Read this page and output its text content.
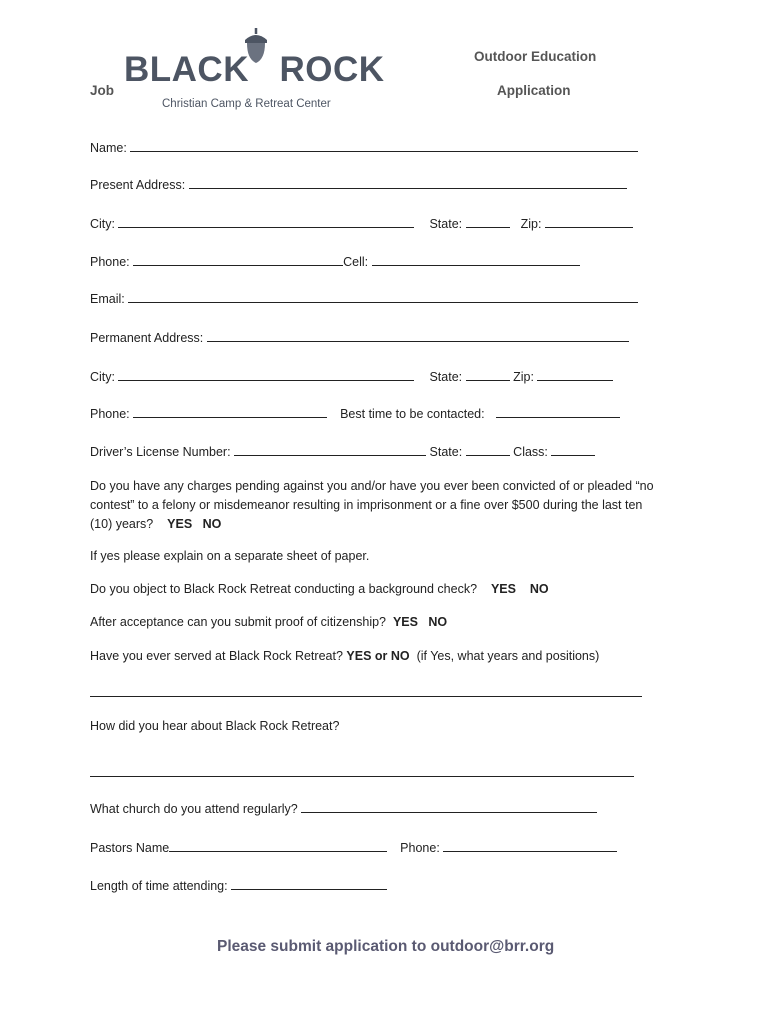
Job
BLACK ROCK
Christian Camp & Retreat Center
Outdoor Education
Application
Name:
Present Address:
City:	State:	Zip:
Phone:	Cell:
Email:
Permanent Address:
City:	State:	Zip:
Phone:	Best time to be contacted:
Driver’s License Number:	State:	Class:
Do you have any charges pending against you and/or have you ever been convicted of or pleaded “no contest” to a felony or misdemeanor resulting in imprisonment or a fine over $500 during the last ten (10) years? YES NO
If yes please explain on a separate sheet of paper.
Do you object to Black Rock Retreat conducting a background check? YES NO
After acceptance can you submit proof of citizenship? YES NO
Have you ever served at Black Rock Retreat? YES or NO (if Yes, what years and positions)
How did you hear about Black Rock Retreat?
What church do you attend regularly?
Pastors Name	Phone:
Length of time attending:
Please submit application to outdoor@brr.org
